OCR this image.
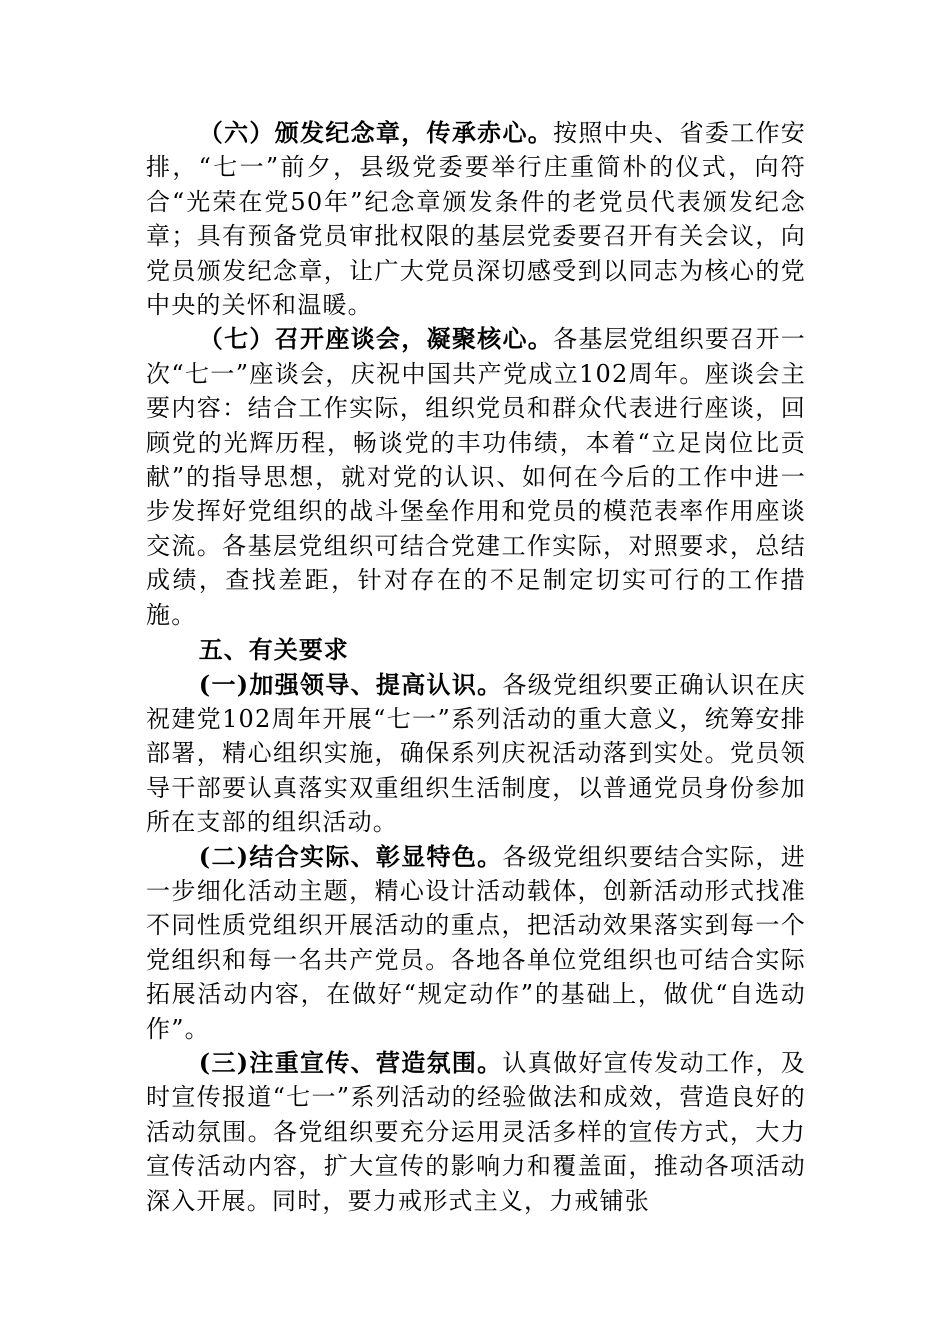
（六）颁发纪念章，传承赤心。按照中央、省委工作安排，“七一”前夕，县级党委要举行庄重简朴的仪式，向符合“光荣在党50年”纪念章颁发条件的老党员代表颁发纪念章；具有预备党员审批权限的基层党委要召开有关会议，向党员颁发纪念章，让广大党员深切感受到以同志为核心的党中央的关怀和温暖。

（七）召开座谈会，凝聚核心。各基层党组织要召开一次“七一”座谈会，庆祝中国共产党成立102周年。座谈会主要内容：结合工作实际，组织党员和群众代表进行座谈，回顾党的光辉历程，畅谈党的丰功伟绩，本着“立足岗位比贡献”的指导思想，就对党的认识、如何在今后的工作中进一步发挥好党组织的战斗堡垒作用和党员的模范表率作用座谈交流。各基层党组织可结合党建工作实际，对照要求，总结成绩，查找差距，针对存在的不足制定切实可行的工作措施。

五、有关要求

(一)加强领导、提高认识。各级党组织要正确认识在庆祝建党102周年开展“七一”系列活动的重大意义，统筹安排部署，精心组织实施，确保系列庆祝活动落到实处。党员领导干部要认真落实双重组织生活制度，以普通党员身份参加所在支部的组织活动。

(二)结合实际、彰显特色。各级党组织要结合实际，进一步细化活动主题，精心设计活动载体，创新活动形式找准不同性质党组织开展活动的重点，把活动效果落实到每一个党组织和每一名共产党员。各地各单位党组织也可结合实际拓展活动内容，在做好“规定动作”的基础上，做优“自选动作”。

(三)注重宣传、营造氛围。认真做好宣传发动工作，及时宣传报道“七一”系列活动的经验做法和成效，营造良好的活动氛围。各党组织要充分运用灵活多样的宣传方式，大力宣传活动内容，扩大宣传的影响力和覆盖面，推动各项活动深入开展。同时，要力戒形式主义，力戒铺张
